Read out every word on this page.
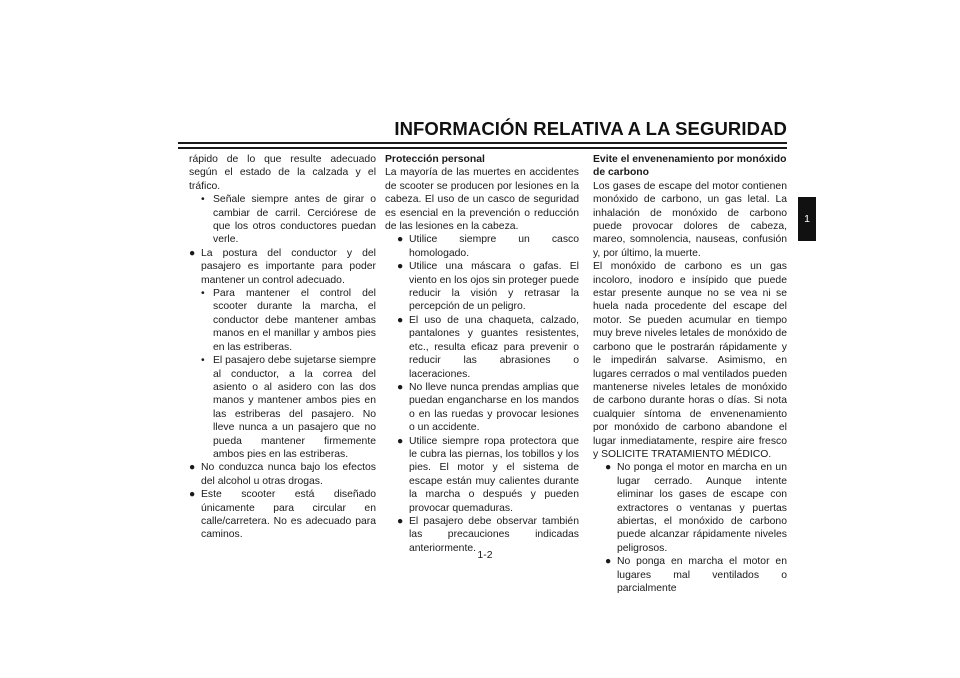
INFORMACIÓN RELATIVA A LA SEGURIDAD
1

rápido de lo que resulte adecuado según el estado de la calzada y el tráfico.

• Señale siempre antes de girar o cambiar de carril. Cerciórese de que los otros conductores puedan verle.
● La postura del conductor y del pasajero es importante para poder mantener un control adecuado.
• Para mantener el control del scooter durante la marcha, el conductor debe mantener ambas manos en el manillar y ambos pies en las estriberas.
• El pasajero debe sujetarse siempre al conductor, a la correa del asiento o al asidero con las dos manos y mantener ambos pies en las estriberas del pasajero. No lleve nunca a un pasajero que no pueda mantener firmemente ambos pies en las estriberas.
● No conduzca nunca bajo los efectos del alcohol u otras drogas.
● Este scooter está diseñado únicamente para circular en calle/carretera. No es adecuado para caminos.

Protección personal

La mayoría de las muertes en accidentes de scooter se producen por lesiones en la cabeza. El uso de un casco de seguridad es esencial en la prevención o reducción de las lesiones en la cabeza.

● Utilice siempre un casco homologado.
● Utilice una máscara o gafas. El viento en los ojos sin proteger puede reducir la visión y retrasar la percepción de un peligro.
● El uso de una chaqueta, calzado, pantalones y guantes resistentes, etc., resulta eficaz para prevenir o reducir las abrasiones o laceraciones.
● No lleve nunca prendas amplias que puedan engancharse en los mandos o en las ruedas y provocar lesiones o un accidente.
● Utilice siempre ropa protectora que le cubra las piernas, los tobillos y los pies. El motor y el sistema de escape están muy calientes durante la marcha o después y pueden provocar quemaduras.
● El pasajero debe observar también las precauciones indicadas anteriormente.

Evite el envenenamiento por monóxido de carbono

Los gases de escape del motor contienen monóxido de carbono, un gas letal. La inhalación de monóxido de carbono puede provocar dolores de cabeza, mareo, somnolencia, nauseas, confusión y, por último, la muerte.

El monóxido de carbono es un gas incoloro, inodoro e insípido que puede estar presente aunque no se vea ni se huela nada procedente del escape del motor. Se pueden acumular en tiempo muy breve niveles letales de monóxido de carbono que le postrarán rápidamente y le impedirán salvarse. Asimismo, en lugares cerrados o mal ventilados pueden mantenerse niveles letales de monóxido de carbono durante horas o días. Si nota cualquier síntoma de envenenamiento por monóxido de carbono abandone el lugar inmediatamente, respire aire fresco y SOLICITE TRATAMIENTO MÉDICO.

● No ponga el motor en marcha en un lugar cerrado. Aunque intente eliminar los gases de escape con extractores o ventanas y puertas abiertas, el monóxido de carbono puede alcanzar rápidamente niveles peligrosos.
● No ponga en marcha el motor en lugares mal ventilados o parcialmente
1-2
